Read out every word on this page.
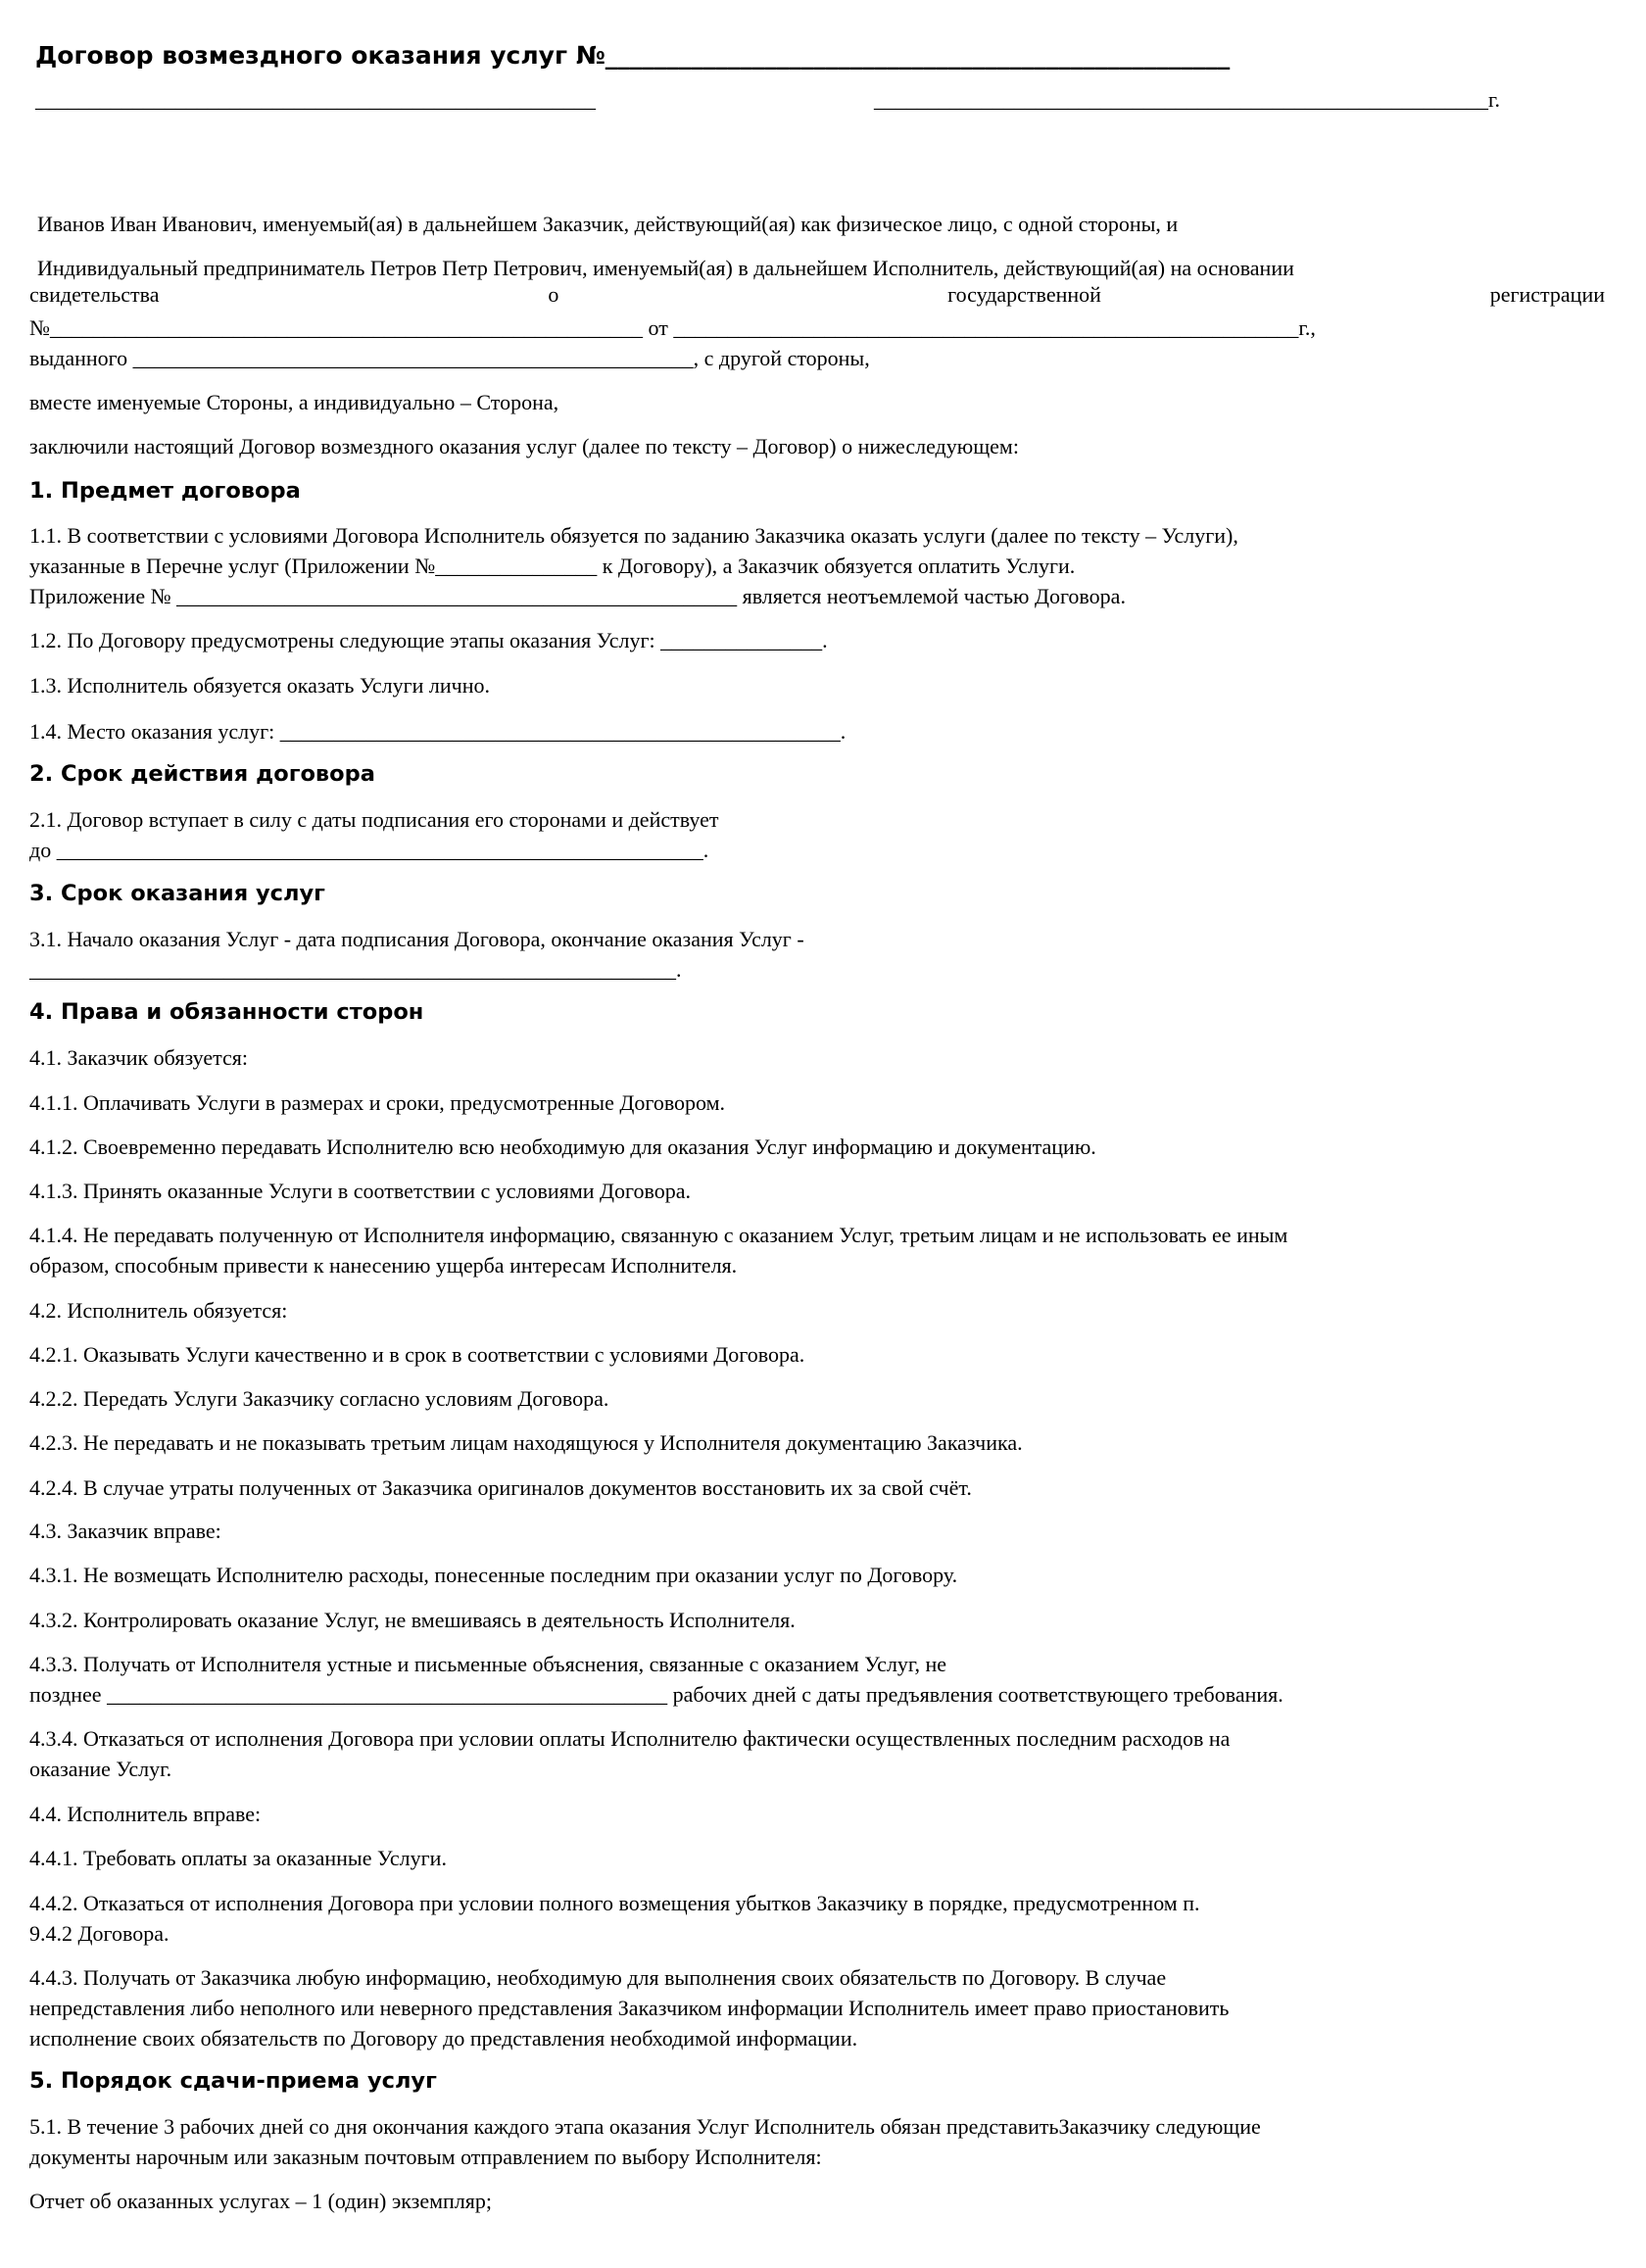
Договор возмездного оказания услуг №___________________________________________________
____________________________________________________	_________________________________________________________г.
Иванов Иван Иванович, именуемый(ая) в дальнейшем Заказчик, действующий(ая) как физическое лицо, с одной стороны, и
Индивидуальный предприниматель Петров Петр Петрович, именуемый(ая) в дальнейшем Исполнитель, действующий(ая) на основании
свидетельства	о	государственной	регистрации
№_______________________________________________________ от __________________________________________________________г.,
выданного ____________________________________________________, с другой стороны,
вместе именуемые Стороны, а индивидуально – Сторона,
заключили настоящий Договор возмездного оказания услуг (далее по тексту – Договор) о нижеследующем:
1. Предмет договора
1.1. В соответствии с условиями Договора Исполнитель обязуется по заданию Заказчика оказать услуги (далее по тексту – Услуги),
указанные в Перечне услуг (Приложении №_______________ к Договору), а Заказчик обязуется оплатить Услуги.
Приложение № ____________________________________________________ является неотъемлемой частью Договора.
1.2. По Договору предусмотрены следующие этапы оказания Услуг: _______________.
1.3. Исполнитель обязуется оказать Услуги лично.
1.4. Место оказания услуг: ____________________________________________________.
2. Срок действия договора
2.1. Договор вступает в силу с даты подписания его сторонами и действует
до ____________________________________________________________.
3. Срок оказания услуг
3.1. Начало оказания Услуг - дата подписания Договора, окончание оказания Услуг -
____________________________________________________________.
4. Права и обязанности сторон
4.1. Заказчик обязуется:
4.1.1. Оплачивать Услуги в размерах и сроки, предусмотренные Договором.
4.1.2. Своевременно передавать Исполнителю всю необходимую для оказания Услуг информацию и документацию.
4.1.3. Принять оказанные Услуги в соответствии с условиями Договора.
4.1.4. Не передавать полученную от Исполнителя информацию, связанную с оказанием Услуг, третьим лицам и не использовать ее иным
образом, способным привести к нанесению ущерба интересам Исполнителя.
4.2. Исполнитель обязуется:
4.2.1. Оказывать Услуги качественно и в срок в соответствии с условиями Договора.
4.2.2. Передать Услуги Заказчику согласно условиям Договора.
4.2.3. Не передавать и не показывать третьим лицам находящуюся у Исполнителя документацию Заказчика.
4.2.4. В случае утраты полученных от Заказчика оригиналов документов восстановить их за свой счёт.
4.3. Заказчик вправе:
4.3.1. Не возмещать Исполнителю расходы, понесенные последним при оказании услуг по Договору.
4.3.2. Контролировать оказание Услуг, не вмешиваясь в деятельность Исполнителя.
4.3.3. Получать от Исполнителя устные и письменные объяснения, связанные с оказанием Услуг, не
позднее ____________________________________________________ рабочих дней с даты предъявления соответствующего требования.
4.3.4. Отказаться от исполнения Договора при условии оплаты Исполнителю фактически осуществленных последним расходов на
оказание Услуг.
4.4. Исполнитель вправе:
4.4.1. Требовать оплаты за оказанные Услуги.
4.4.2. Отказаться от исполнения Договора при условии полного возмещения убытков Заказчику в порядке, предусмотренном п.
9.4.2 Договора.
4.4.3. Получать от Заказчика любую информацию, необходимую для выполнения своих обязательств по Договору. В случае
непредставления либо неполного или неверного представления Заказчиком информации Исполнитель имеет право приостановить
исполнение своих обязательств по Договору до представления необходимой информации.
5. Порядок сдачи-приема услуг
5.1. В течение 3 рабочих дней со дня окончания каждого этапа оказания Услуг Исполнитель обязан представитьЗаказчику следующие
документы нарочным или заказным почтовым отправлением по выбору Исполнителя:
Отчет об оказанных услугах – 1 (один) экземпляр;
